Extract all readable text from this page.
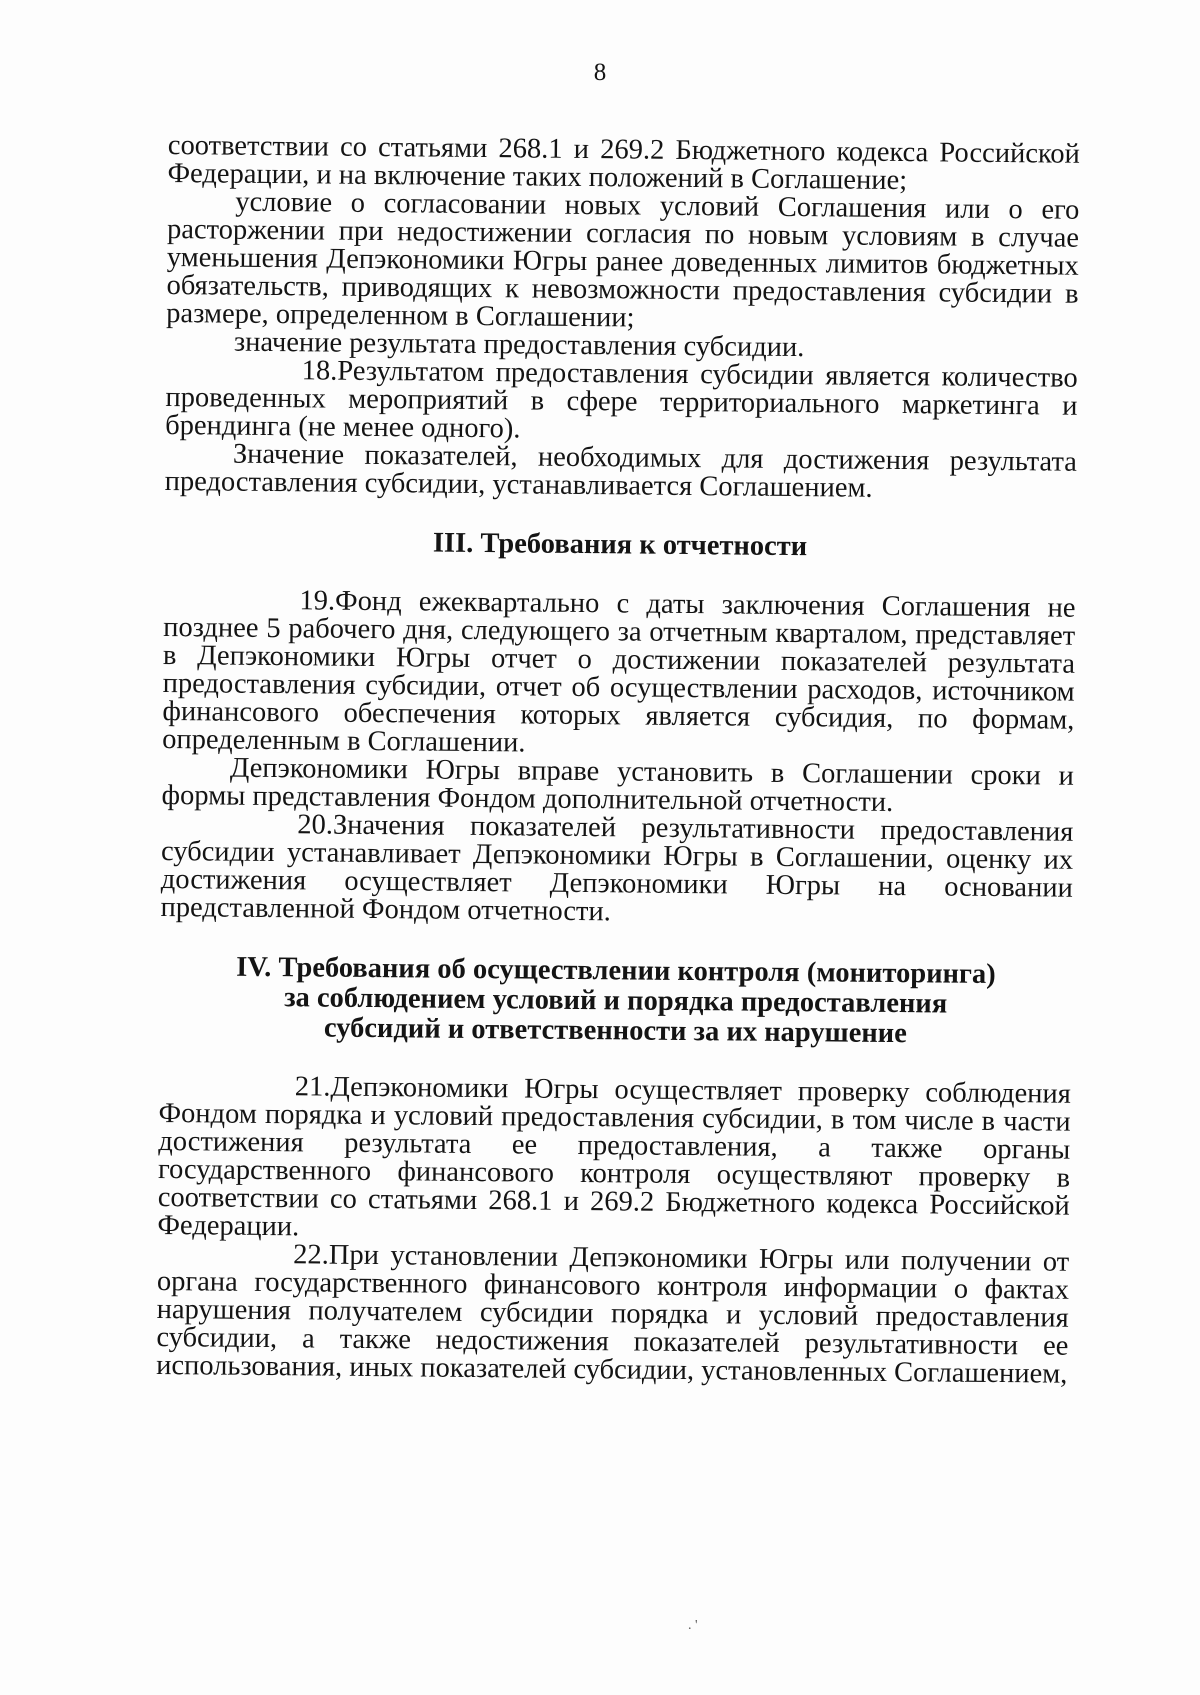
8

соответствии со статьями 268.1 и 269.2 Бюджетного кодекса Российской Федерации, и на включение таких положений в Соглашение;

условие о согласовании новых условий Соглашения или о его расторжении при недостижении согласия по новым условиям в случае уменьшения Депэкономики Югры ранее доведенных лимитов бюджетных обязательств, приводящих к невозможности предоставления субсидии в размере, определенном в Соглашении;

значение результата предоставления субсидии.

18.Результатом предоставления субсидии является количество проведенных мероприятий в сфере территориального маркетинга и брендинга (не менее одного).

Значение показателей, необходимых для достижения результата предоставления субсидии, устанавливается Соглашением.

III. Требования к отчетности

19.Фонд ежеквартально с даты заключения Соглашения не позднее 5 рабочего дня, следующего за отчетным кварталом, представляет в Депэкономики Югры отчет о достижении показателей результата предоставления субсидии, отчет об осуществлении расходов, источником финансового обеспечения которых является субсидия, по формам, определенным в Соглашении.

Депэкономики Югры вправе установить в Соглашении сроки и формы представления Фондом дополнительной отчетности.

20.Значения показателей результативности предоставления субсидии устанавливает Депэкономики Югры в Соглашении, оценку их достижения осуществляет Депэкономики Югры на основании представленной Фондом отчетности.

IV. Требования об осуществлении контроля (мониторинга)
за соблюдением условий и порядка предоставления
субсидий и ответственности за их нарушение

21.Депэкономики Югры осуществляет проверку соблюдения Фондом порядка и условий предоставления субсидии, в том числе в части достижения результата ее предоставления, а также органы государственного финансового контроля осуществляют проверку в соответствии со статьями 268.1 и 269.2 Бюджетного кодекса Российской Федерации.

22.При установлении Депэкономики Югры или получении от органа государственного финансового контроля информации о фактах нарушения получателем субсидии порядка и условий предоставления субсидии, а также недостижения показателей результативности ее использования, иных показателей субсидии, установленных Соглашением,

. '
